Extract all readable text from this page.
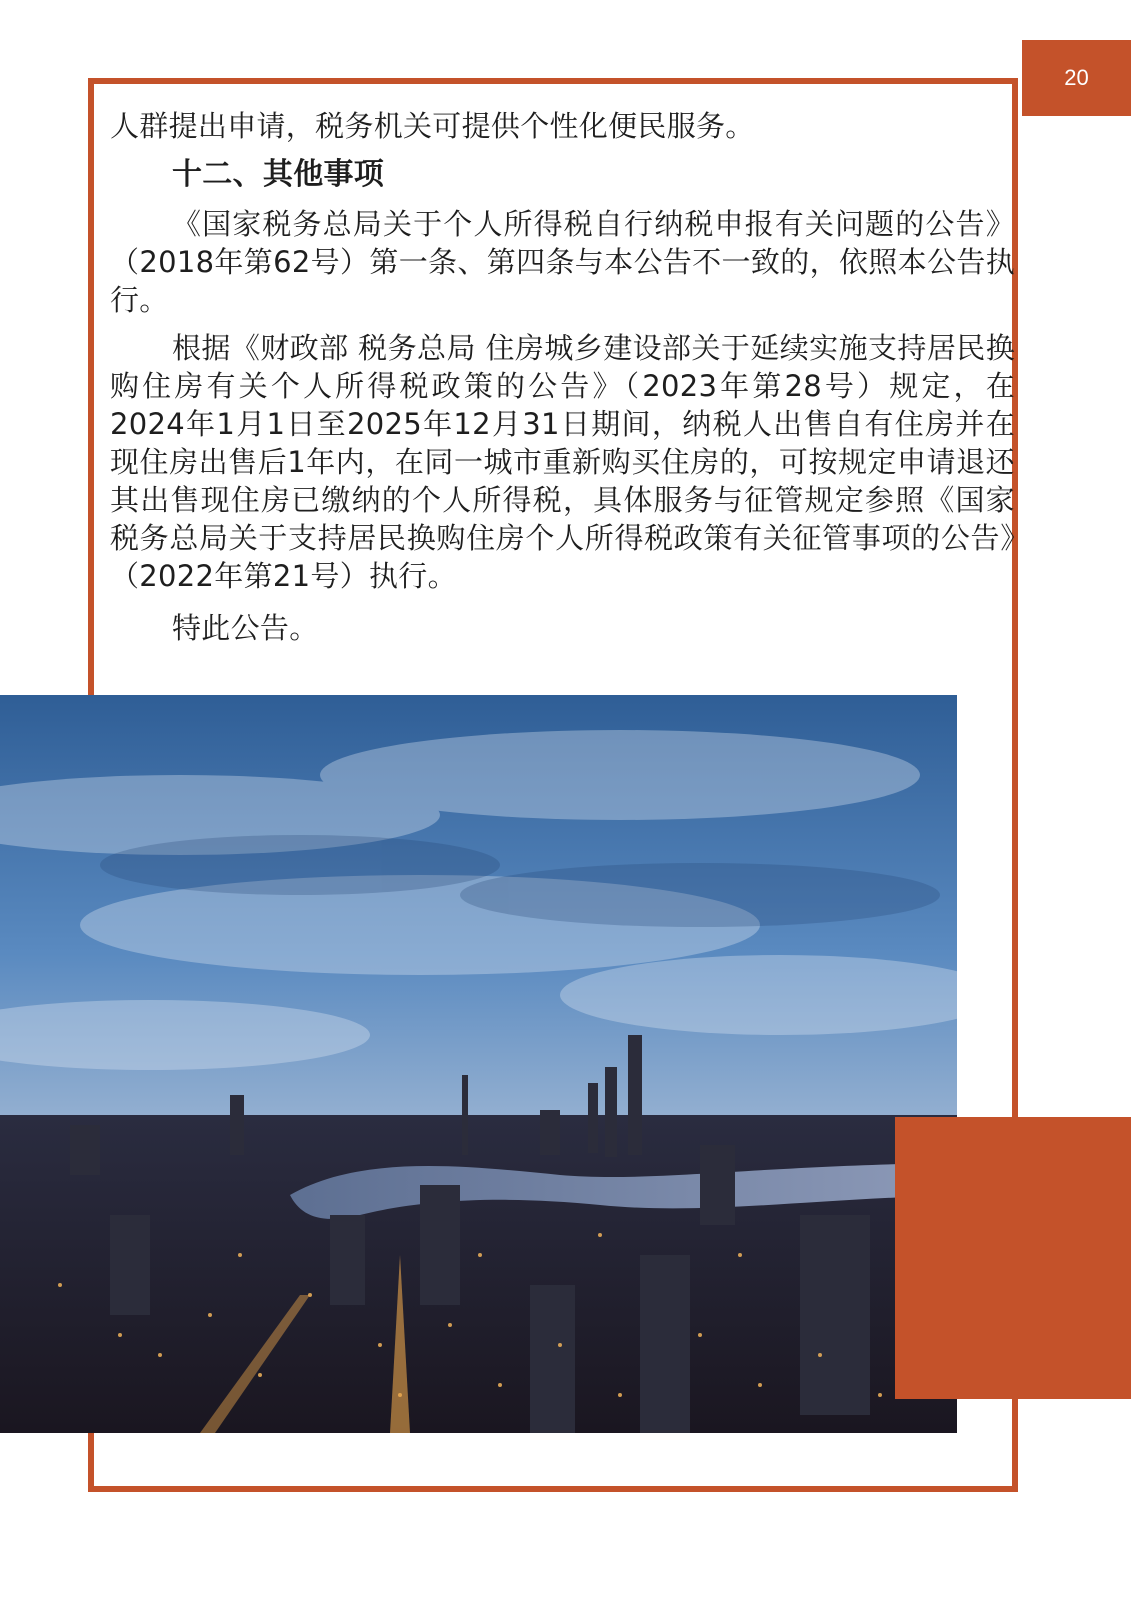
20

人群提出申请，税务机关可提供个性化便民服务。

十二、其他事项

《国家税务总局关于个人所得税自行纳税申报有关问题的公告》（2018年第62号）第一条、第四条与本公告不一致的，依照本公告执行。

根据《财政部 税务总局 住房城乡建设部关于延续实施支持居民换购住房有关个人所得税政策的公告》（2023年第28号）规定，在2024年1月1日至2025年12月31日期间，纳税人出售自有住房并在现住房出售后1年内，在同一城市重新购买住房的，可按规定申请退还其出售现住房已缴纳的个人所得税，具体服务与征管规定参照《国家税务总局关于支持居民换购住房个人所得税政策有关征管事项的公告》（2022年第21号）执行。

特此公告。
